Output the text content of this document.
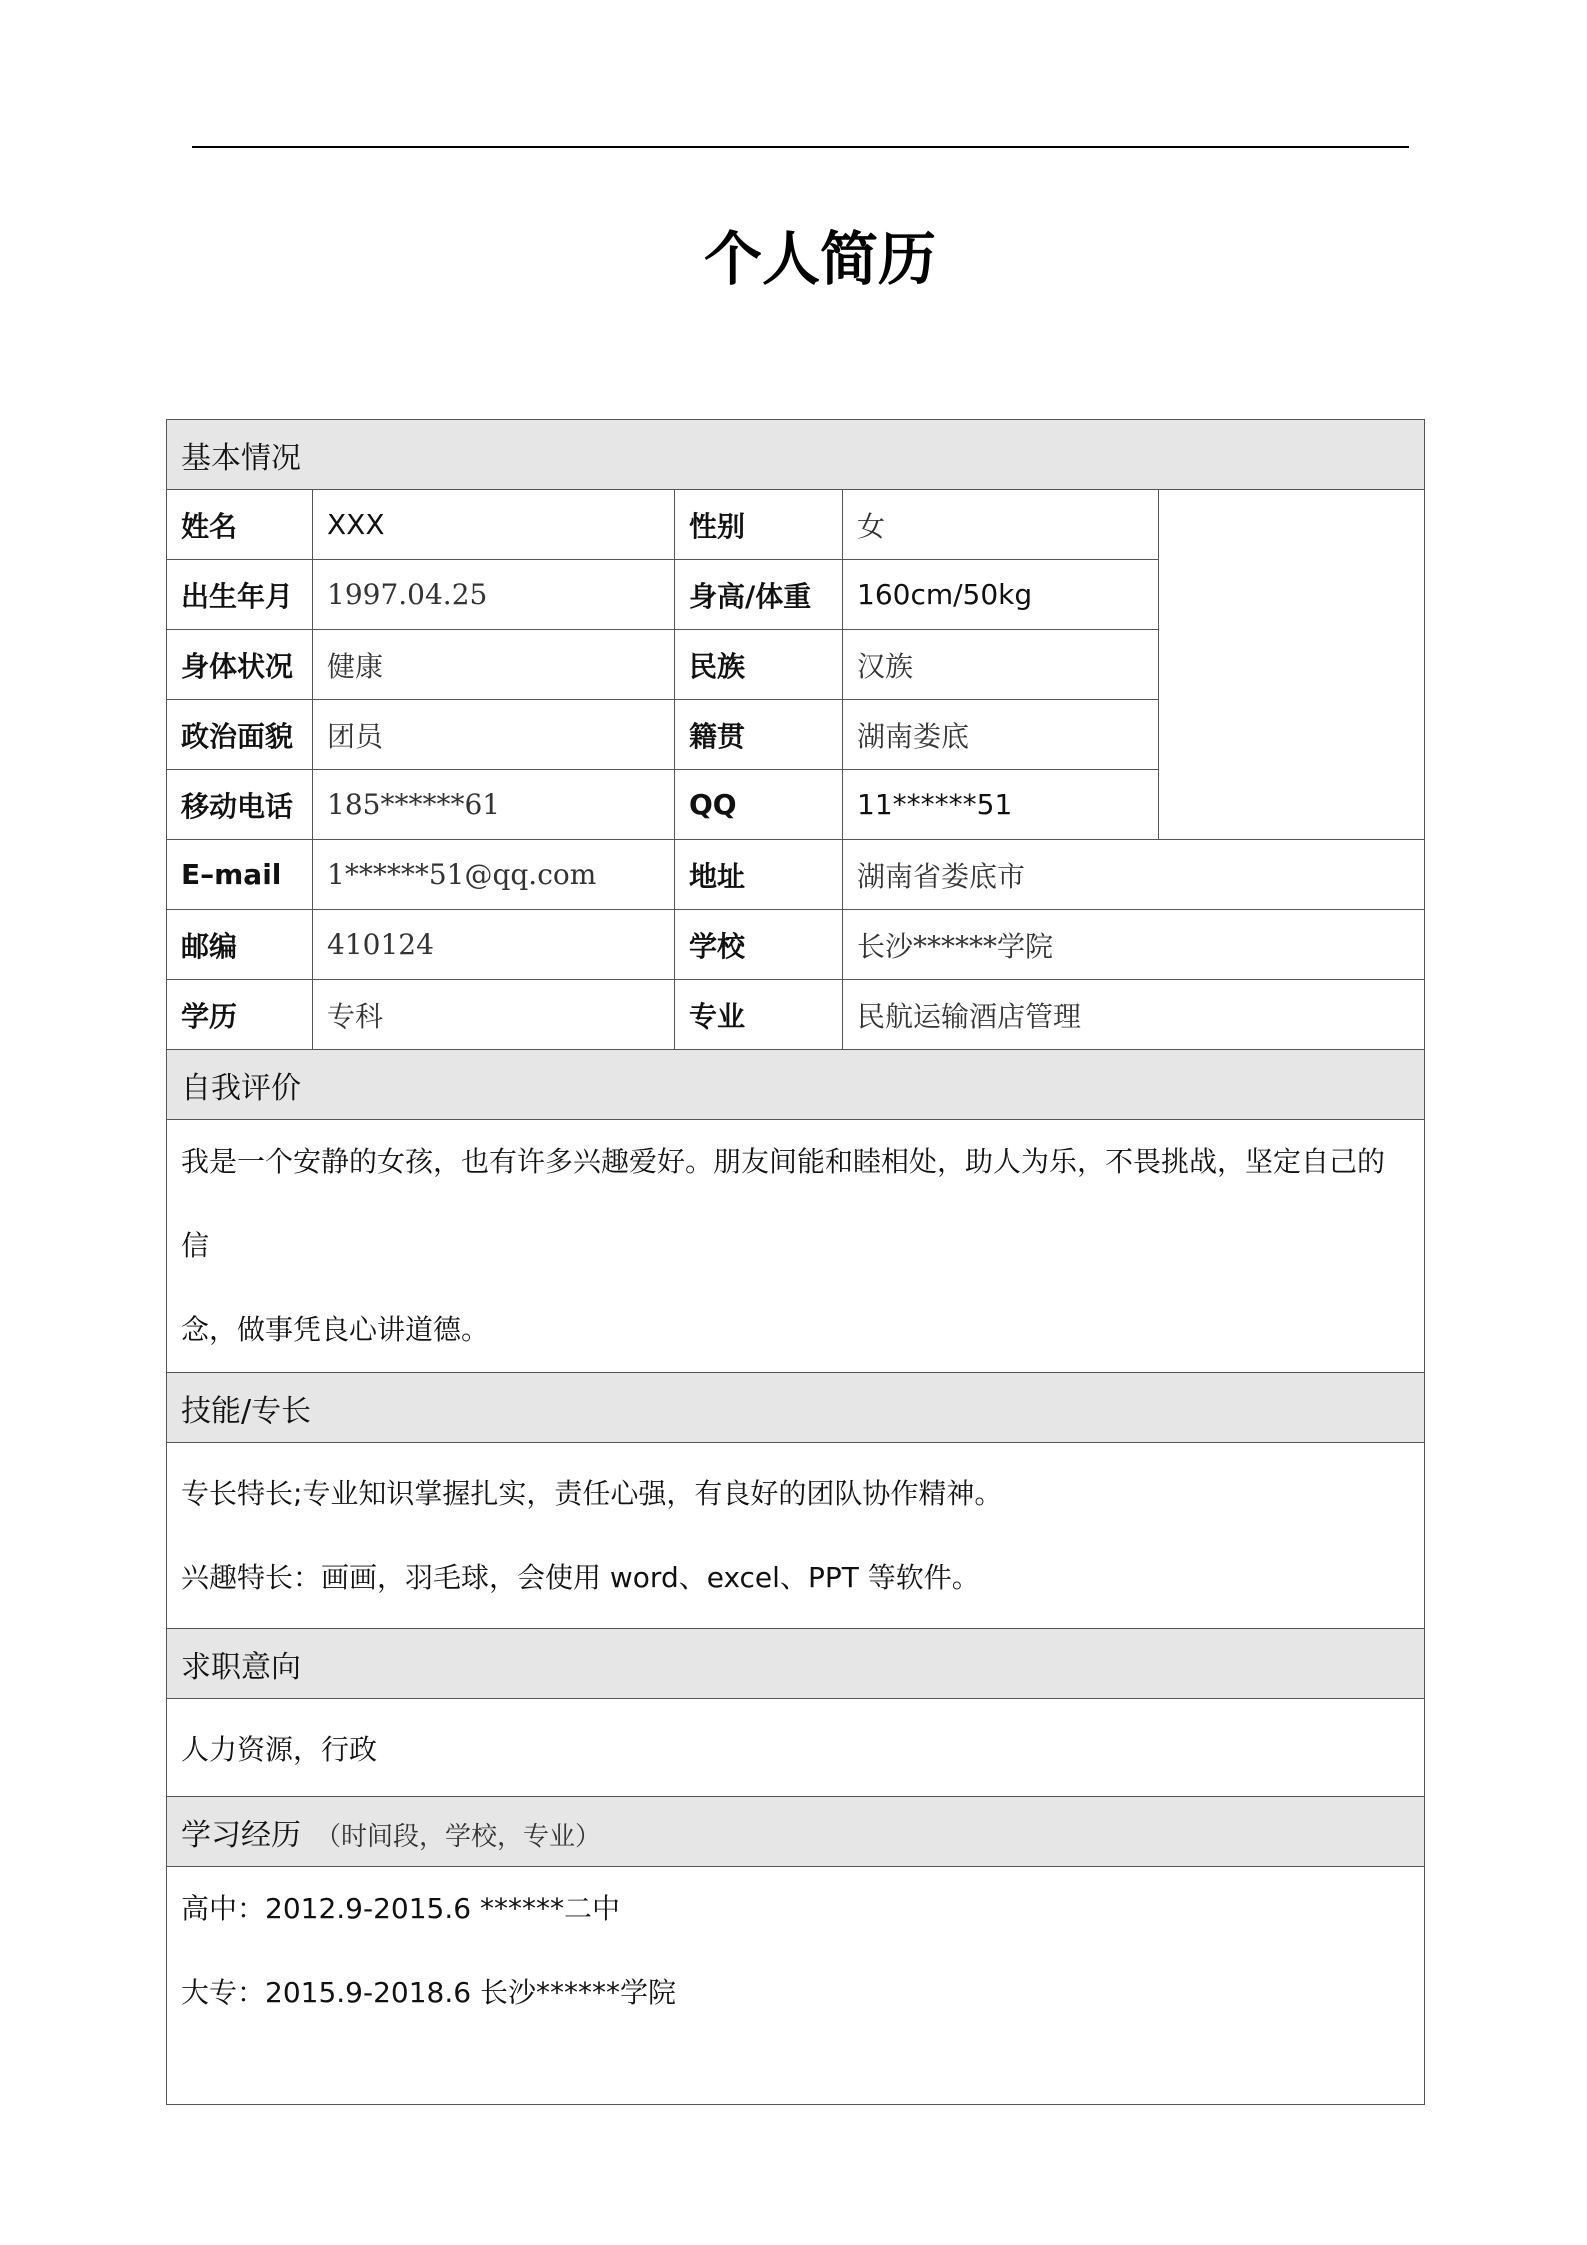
个人简历
基本情况				
姓名	XXX	性别	女	
出生年月	1997.04.25	身高/体重	160cm/50kg	
身体状况	健康	民族	汉族	
政治面貌	团员	籍贯	湖南娄底	
移动电话	185******61	QQ	11******51	
E–mail	1******51@qq.com	地址	湖南省娄底市	
邮编	410124	学校	长沙******学院	
学历	专科	专业	民航运输酒店管理	
自我评价				

我是一个安静的女孩，也有许多兴趣爱好。朋友间能和睦相处，助人为乐，不畏挑战，坚定自己的信

念，做事凭良心讲道德。				

技能/专长				

专长特长;专业知识掌握扎实，责任心强，有良好的团队协作精神。

兴趣特长：画画，羽毛球，会使用 word、excel、PPT 等软件。				

求职意向				
人力资源，行政				
学习经历 （时间段，学校，专业）				

高中：2012.9-2015.6 ******二中

大专：2015.9-2018.6 长沙******学院				
